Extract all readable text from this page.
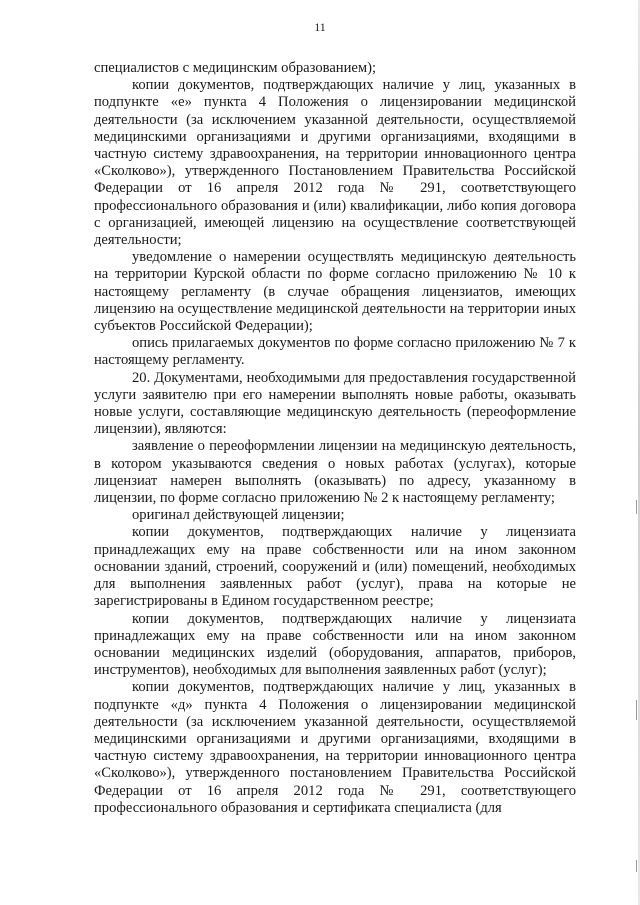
11

специалистов с медицинским образованием);

копии документов, подтверждающих наличие у лиц, указанных в подпункте «е» пункта 4 Положения о лицензировании медицинской деятельности (за исключением указанной деятельности, осуществляемой медицинскими организациями и другими организациями, входящими в частную систему здравоохранения, на территории инновационного центра «Сколково»), утвержденного Постановлением Правительства Российской Федерации от 16 апреля 2012 года № 291, соответствующего профессионального образования и (или) квалификации, либо копия договора с организацией, имеющей лицензию на осуществление соответствующей деятельности;

уведомление о намерении осуществлять медицинскую деятельность на территории Курской области по форме согласно приложению № 10 к настоящему регламенту (в случае обращения лицензиатов, имеющих лицензию на осуществление медицинской деятельности на территории иных субъектов Российской Федерации);

опись прилагаемых документов по форме согласно приложению № 7 к настоящему регламенту.

20. Документами, необходимыми для предоставления государственной услуги заявителю при его намерении выполнять новые работы, оказывать новые услуги, составляющие медицинскую деятельность (переоформление лицензии), являются:

заявление о переоформлении лицензии на медицинскую деятельность, в котором указываются сведения о новых работах (услугах), которые лицензиат намерен выполнять (оказывать) по адресу, указанному в лицензии, по форме согласно приложению № 2 к настоящему регламенту;

оригинал действующей лицензии;

копии документов, подтверждающих наличие у лицензиата принадлежащих ему на праве собственности или на ином законном основании зданий, строений, сооружений и (или) помещений, необходимых для выполнения заявленных работ (услуг), права на которые не зарегистрированы в Едином государственном реестре;

копии документов, подтверждающих наличие у лицензиата принадлежащих ему на праве собственности или на ином законном основании медицинских изделий (оборудования, аппаратов, приборов, инструментов), необходимых для выполнения заявленных работ (услуг);

копии документов, подтверждающих наличие у лиц, указанных в подпункте «д» пункта 4 Положения о лицензировании медицинской деятельности (за исключением указанной деятельности, осуществляемой медицинскими организациями и другими организациями, входящими в частную систему здравоохранения, на территории инновационного центра «Сколково»), утвержденного постановлением Правительства Российской Федерации от 16 апреля 2012 года № 291, соответствующего профессионального образования и сертификата специалиста (для
